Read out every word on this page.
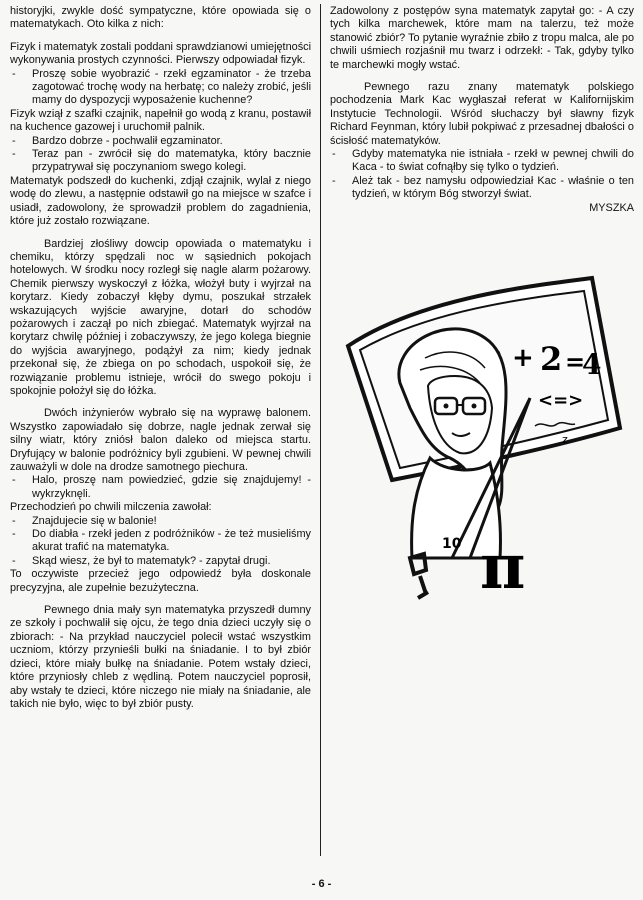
historyjki, zwykle dość sympatyczne, które opowiada się o matematykach. Oto kilka z nich:

Fizyk i matematyk zostali poddani sprawdzianowi umiejętności wykonywania prostych czynności. Pierwszy odpowiadał fizyk.

- Proszę sobie wyobrazić - rzekł egzaminator - że trzeba zagotować trochę wody na herbatę; co należy zrobić, jeśli mamy do dyspozycji wyposażenie kuchenne?

Fizyk wziął z szafki czajnik, napełnił go wodą z kranu, postawił na kuchence gazowej i uruchomił palnik.

- Bardzo dobrze - pochwalił egzaminator.

- Teraz pan - zwrócił się do matematyka, który bacznie przypatrywał się poczynaniom swego kolegi.

Matematyk podszedł do kuchenki, zdjął czajnik, wylał z niego wodę do zlewu, a następnie odstawił go na miejsce w szafce i usiadł, zadowolony, że sprowadził problem do zagadnienia, które już zostało rozwiązane.

Bardziej złośliwy dowcip opowiada o matematyku i chemiku, którzy spędzali noc w sąsiednich pokojach hotelowych. W środku nocy rozległ się nagle alarm pożarowy. Chemik pierwszy wyskoczył z łóżka, włożył buty i wyjrzał na korytarz. Kiedy zobaczył kłęby dymu, poszukał strzałek wskazujących wyjście awaryjne, dotarł do schodów pożarowych i zaczął po nich zbiegać. Matematyk wyjrzał na korytarz chwilę później i zobaczywszy, że jego kolega biegnie do wyjścia awaryjnego, podążył za nim; kiedy jednak przekonał się, że zbiega on po schodach, uspokoił się, że rozwiązanie problemu istnieje, wrócił do swego pokoju i spokojnie położył się do łóżka.

Dwóch inżynierów wybrało się na wyprawę balonem. Wszystko zapowiadało się dobrze, nagle jednak zerwał się silny wiatr, który zniósł balon daleko od miejsca startu. Dryfujący w balonie podróżnicy byli zgubieni. W pewnej chwili zauważyli w dole na drodze samotnego piechura.

- Halo, proszę nam powiedzieć, gdzie się znajdujemy! - wykrzyknęli.

Przechodzień po chwili milczenia zawołał:

- Znajdujecie się w balonie!

- Do diabła - rzekł jeden z podróżników - że też musieliśmy akurat trafić na matematyka.

- Skąd wiesz, że był to matematyk? - zapytał drugi.

To oczywiste przecież jego odpowiedź była doskonale precyzyjna, ale zupełnie bezużyteczna.

Pewnego dnia mały syn matematyka przyszedł dumny ze szkoły i pochwalił się ojcu, że tego dnia dzieci uczyły się o zbiorach: - Na przykład nauczyciel polecił wstać wszystkim uczniom, którzy przynieśli bułki na śniadanie. I to był zbiór dzieci, które miały bułkę na śniadanie. Potem wstały dzieci, które przyniosły chleb z wędliną. Potem nauczyciel poprosił, aby wstały te dzieci, które niczego nie miały na śniadanie, ale takich nie było, więc to był zbiór pusty.

Zadowolony z postępów syna matematyk zapytał go: - A czy tych kilka marchewek, które mam na talerzu, też może stanowić zbiór? To pytanie wyraźnie zbiło z tropu malca, ale po chwili uśmiech rozjaśnił mu twarz i odrzekł: - Tak, gdyby tylko te marchewki mogły wstać.

Pewnego razu znany matematyk polskiego pochodzenia Mark Kac wygłaszał referat w Kalifornijskim Instytucie Technologii. Wśród słuchaczy był sławny fizyk Richard Feynman, który lubił pokpiwać z przesadnej dbałości o ścisłość matematyków.

- Gdyby matematyka nie istniała - rzekł w pewnej chwili do Kaca - to świat cofnąłby się tylko o tydzień.

- Ależ tak - bez namysłu odpowiedział Kac - właśnie o ten tydzień, w którym Bóg stworzył świat.

MYSZKA

+ 2 =
4
<=>
z
π
10
- 6 -
